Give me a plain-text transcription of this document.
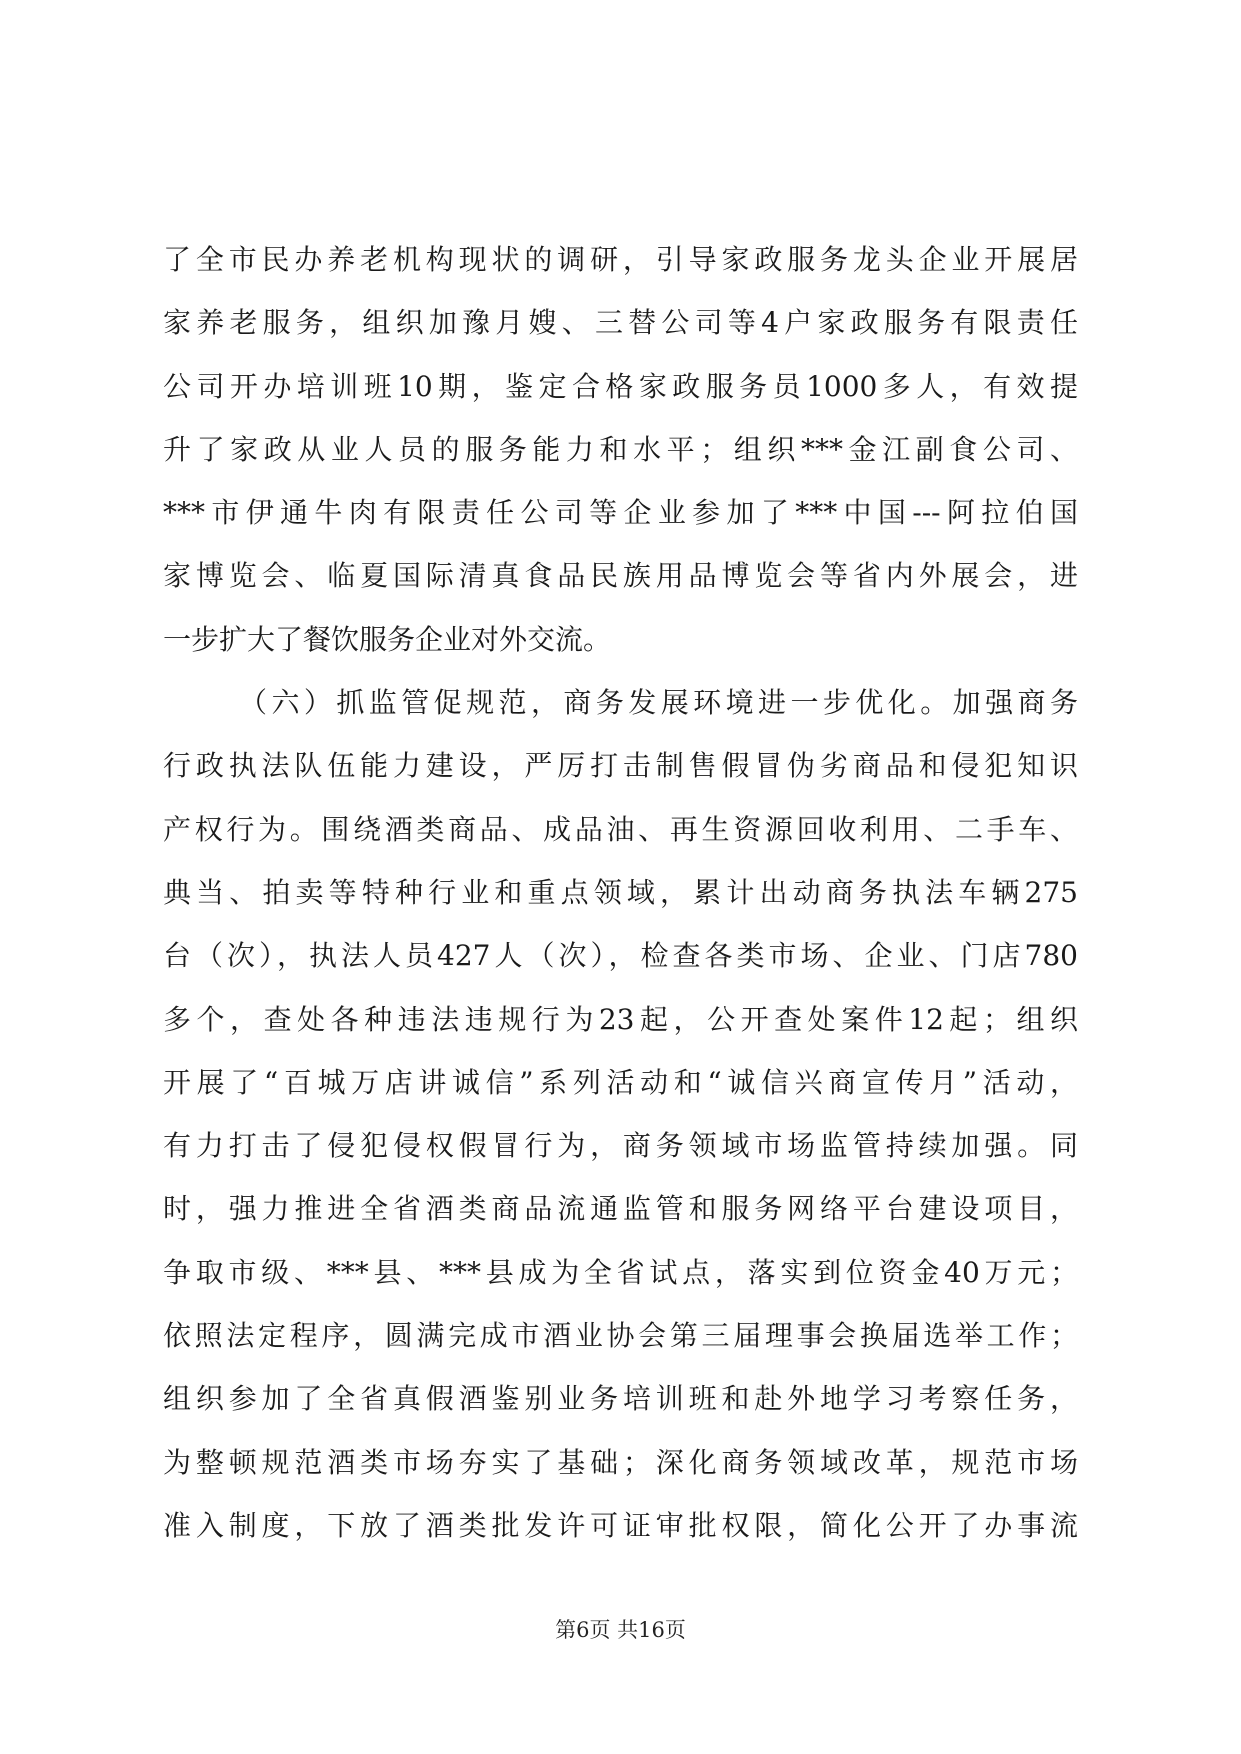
了全市民办养老机构现状的调研，引导家政服务龙头企业开展居
家养老服务，组织加豫月嫂、三替公司等4户家政服务有限责任
公司开办培训班10期，鉴定合格家政服务员1000多人，有效提
升了家政从业人员的服务能力和水平；组织***金江副食公司、
***市伊通牛肉有限责任公司等企业参加了***中国---阿拉伯国
家博览会、临夏国际清真食品民族用品博览会等省内外展会，进
一步扩大了餐饮服务企业对外交流。
（六）抓监管促规范，商务发展环境进一步优化。加强商务
行政执法队伍能力建设，严厉打击制售假冒伪劣商品和侵犯知识
产权行为。围绕酒类商品、成品油、再生资源回收利用、二手车、
典当、拍卖等特种行业和重点领域，累计出动商务执法车辆275
台（次），执法人员427人（次），检查各类市场、企业、门店780
多个，查处各种违法违规行为23起，公开查处案件12起；组织
开展了“百城万店讲诚信”系列活动和“诚信兴商宣传月”活动，
有力打击了侵犯侵权假冒行为，商务领域市场监管持续加强。同
时，强力推进全省酒类商品流通监管和服务网络平台建设项目，
争取市级、***县、***县成为全省试点，落实到位资金40万元；
依照法定程序，圆满完成市酒业协会第三届理事会换届选举工作；
组织参加了全省真假酒鉴别业务培训班和赴外地学习考察任务，
为整顿规范酒类市场夯实了基础；深化商务领域改革，规范市场
准入制度，下放了酒类批发许可证审批权限，简化公开了办事流
第6页 共16页
